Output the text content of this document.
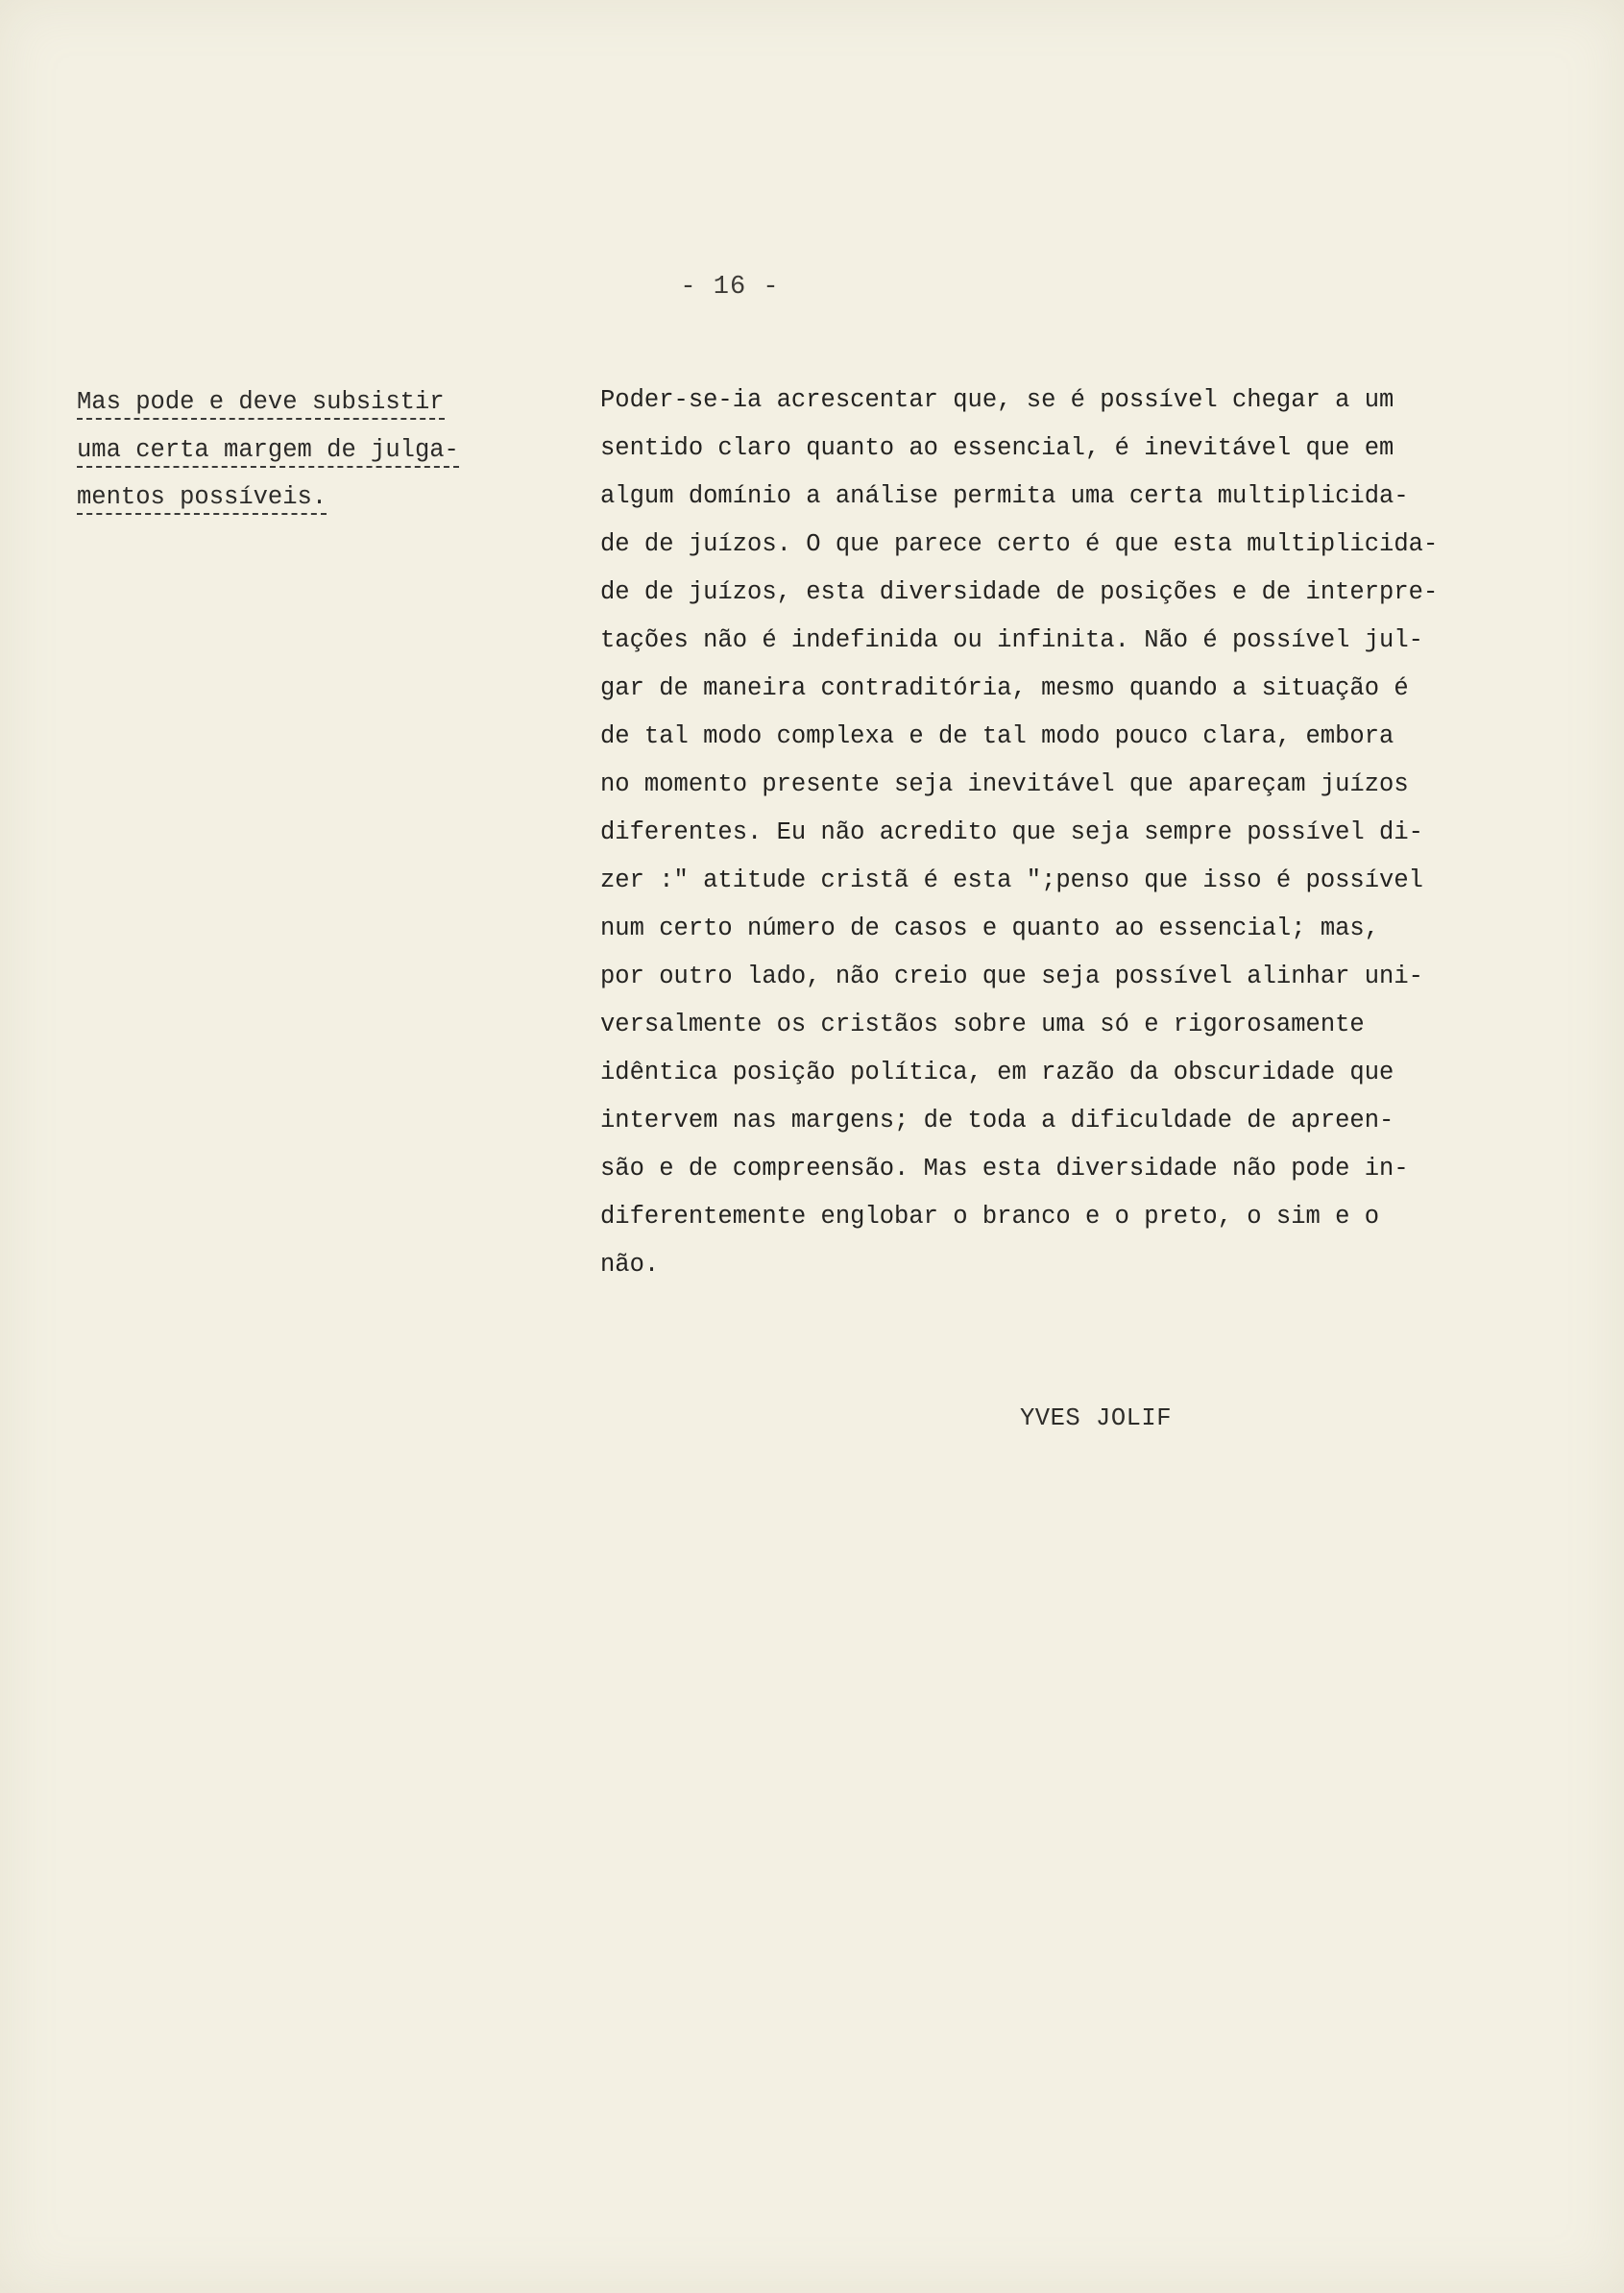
- 16 -
Mas pode e deve subsistir
uma certa margem de julga-
mentos possíveis.
Poder-se-ia acrescentar que, se é possível chegar a um
sentido claro quanto ao essencial, é inevitável que em
algum domínio a análise permita uma certa multiplicida-
de de juízos. O que parece certo é que esta multiplicida-
de de juízos, esta diversidade de posições e de interpre-
tações não é indefinida ou infinita. Não é possível jul-
gar de maneira contraditória, mesmo quando a situação é
de tal modo complexa e de tal modo pouco clara, embora
no momento presente seja inevitável que apareçam juízos
diferentes. Eu não acredito que seja sempre possível di-
zer :" atitude cristã é esta ";penso que isso é possível
num certo número de casos e quanto ao essencial; mas,
por outro lado, não creio que seja possível alinhar uni-
versalmente os cristãos sobre uma só e rigorosamente
idêntica posição política, em razão da obscuridade que
intervem nas margens; de toda a dificuldade de apreen-
são e de compreensão. Mas esta diversidade não pode in-
diferentemente englobar o branco e o preto, o sim e o
não.
YVES JOLIF
